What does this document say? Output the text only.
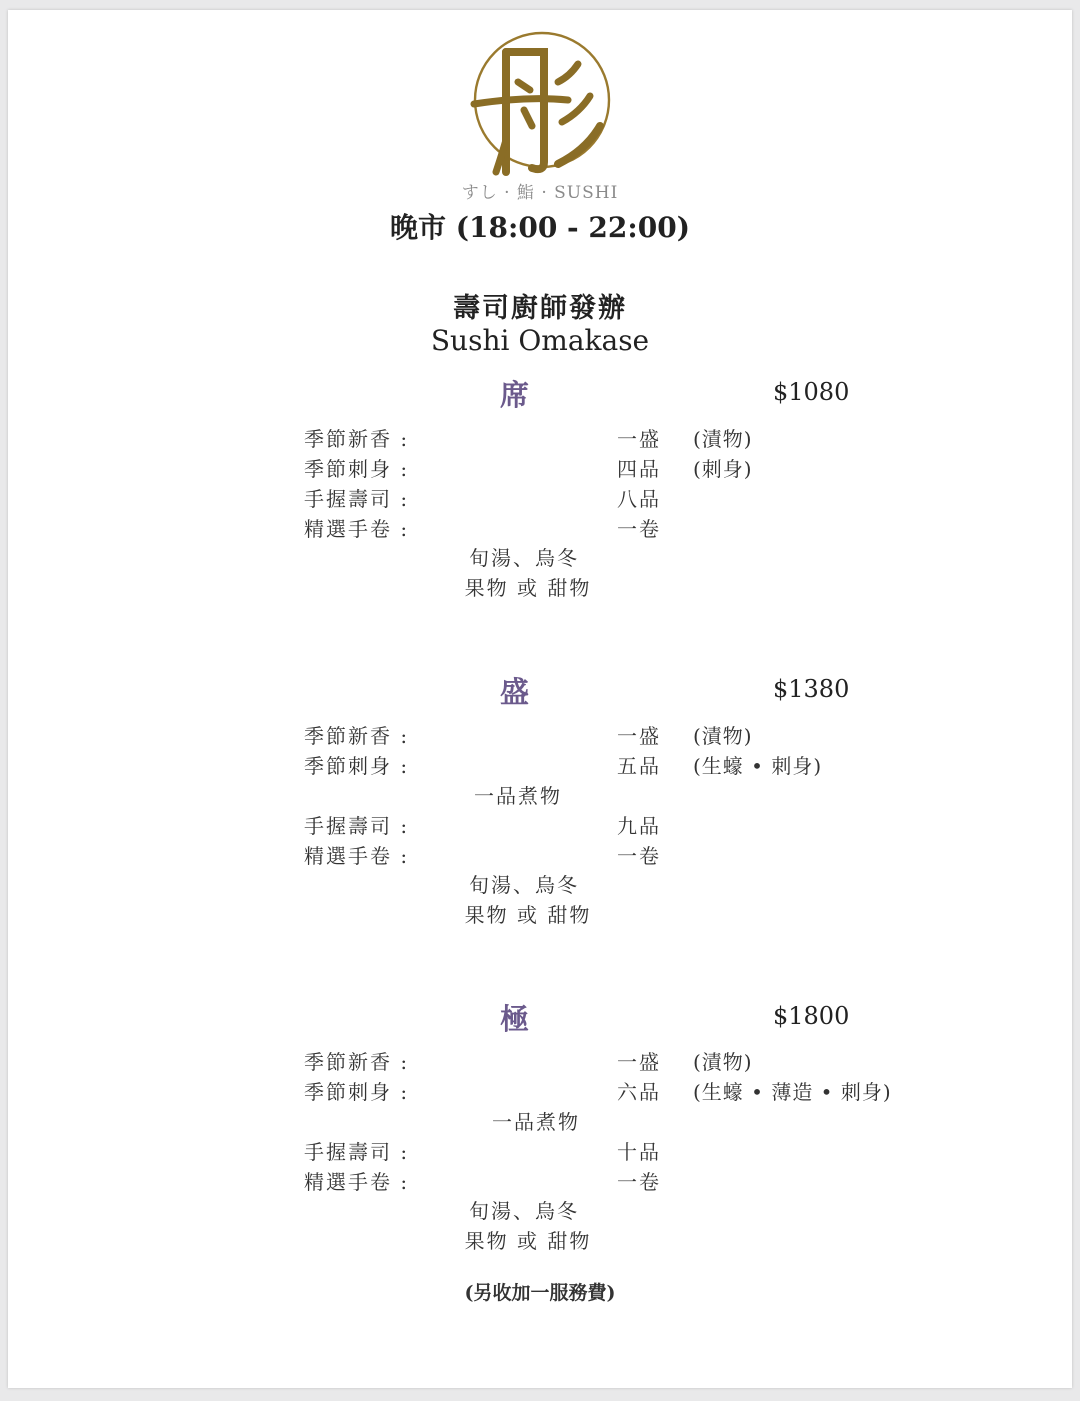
すし · 鮨 · SUSHI
晚市 (18:00 - 22:00)
壽司廚師發辦
Sushi Omakase
席	$1080
季節新香 :	一盛 (漬物)
季節刺身 :	四品 (刺身)
手握壽司 :	八品
精選手卷 :	一卷
旬湯、烏冬
果物 或 甜物
盛	$1380
季節新香 :	一盛 (漬物)
季節刺身 :	五品 (生蠔 • 刺身)
一品煮物
手握壽司 :	九品
精選手卷 :	一卷
旬湯、烏冬
果物 或 甜物
極	$1800
季節新香 :	一盛 (漬物)
季節刺身 :	六品 (生蠔 • 薄造 • 刺身)
一品煮物
手握壽司 :	十品
精選手卷 :	一卷
旬湯、烏冬
果物 或 甜物
(另收加一服務費)
